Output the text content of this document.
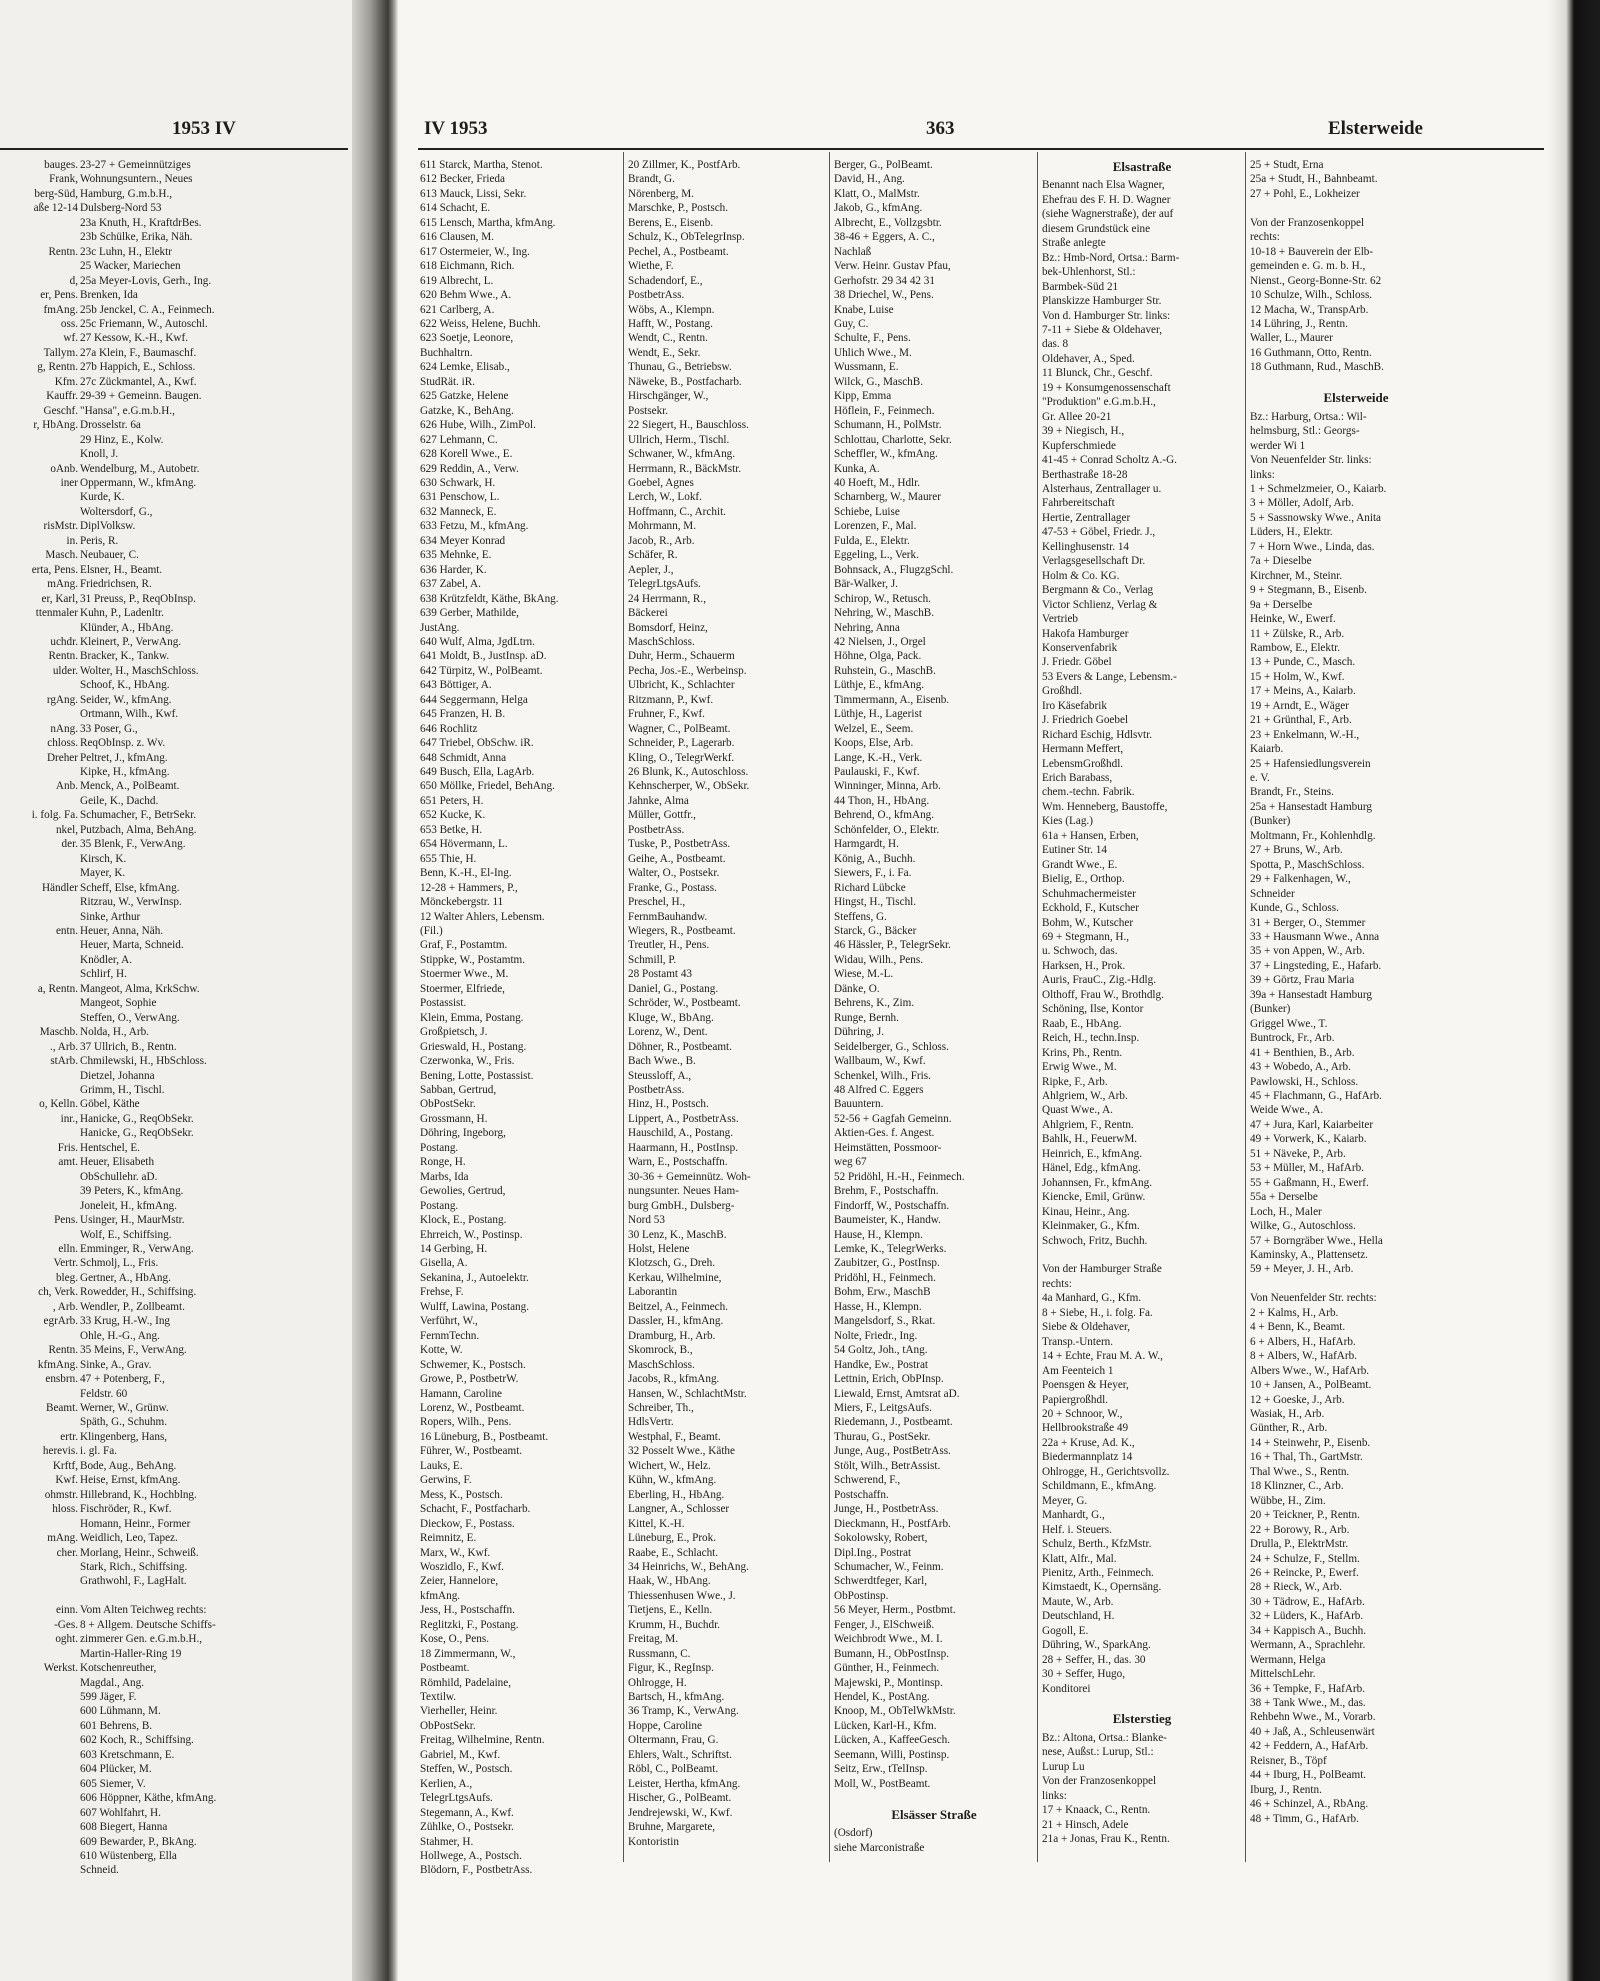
1953 IV
bauges.
Frank,
berg-Süd,
aße 12-14

Rentn.

d,
er, Pens.
fmAng.
oss.
wf.
Tallym.
g, Rentn.
Kfm.
Kauffr.
Geschf.
r, HbAng.

oAnb.
iner

risMstr.
in.
Masch.
erta, Pens.
mAng.
er, Karl,
ttenmaler

uchdr.
Rentn.
ulder.

rgAng.

nAng.
chloss.
Dreher

Anb.

i. folg. Fa.
nkel,
der.

Händler

entn.

a, Rentn.

Maschb.
., Arb.
stArb.

o, Kelln.
inr.,

Fris.
amt.

Pens.

elln.
Vertr.
bleg.
ch, Verk.
, Arb.
egrArb.

Rentn.
kfmAng.
ensbrn.

Beamt.

ertr.
herevis.
Krftf,
Kwf.
ohmstr.
hloss.

mAng.
cher.

einn.
-Ges.
oght.

Werkst.
23-27 + Gemeinnütziges
Wohnungsuntern., Neues
Hamburg, G.m.b.H.,
Dulsberg-Nord 53
23a Knuth, H., KraftdrBes.
23b Schülke, Erika, Näh.
23c Luhn, H., Elektr
25 Wacker, Mariechen
25a Meyer-Lovis, Gerh., Ing.
Brenken, Ida
25b Jenckel, C. A., Feinmech.
25c Friemann, W., Autoschl.
27 Kessow, K.-H., Kwf.
27a Klein, F., Baumaschf.
27b Happich, E., Schloss.
27c Zückmantel, A., Kwf.
29-39 + Gemeinn. Baugen.
"Hansa", e.G.m.b.H.,
Drosselstr. 6a
29 Hinz, E., Kolw.
Knoll, J.
Wendelburg, M., Autobetr.
Oppermann, W., kfmAng.
Kurde, K.
Woltersdorf, G.,
DiplVolksw.
Peris, R.
Neubauer, C.
Elsner, H., Beamt.
Friedrichsen, R.
31 Preuss, P., ReqObInsp.
Kuhn, P., Ladenltr.
Klünder, A., HbAng.
Kleinert, P., VerwAng.
Bracker, K., Tankw.
Wolter, H., MaschSchloss.
Schoof, K., HbAng.
Seider, W., kfmAng.
Ortmann, Wilh., Kwf.
33 Poser, G.,
ReqObInsp. z. Wv.
Peltret, J., kfmAng.
Kipke, H., kfmAng.
Menck, A., PolBeamt.
Geile, K., Dachd.
Schumacher, F., BetrSekr.
Putzbach, Alma, BehAng.
35 Blenk, F., VerwAng.
Kirsch, K.
Mayer, K.
Scheff, Else, kfmAng.
Ritzrau, W., VerwInsp.
Sinke, Arthur
Heuer, Anna, Näh.
Heuer, Marta, Schneid.
Knödler, A.
Schlirf, H.
Mangeot, Alma, KrkSchw.
Mangeot, Sophie
Steffen, O., VerwAng.
Nolda, H., Arb.
37 Ullrich, B., Rentn.
Chmilewski, H., HbSchloss.
Dietzel, Johanna
Grimm, H., Tischl.
Göbel, Käthe
Hanicke, G., ReqObSekr.
Hanicke, G., ReqObSekr.
Hentschel, E.
Heuer, Elisabeth
ObSchullehr. aD.
39 Peters, K., kfmAng.
Joneleit, H., kfmAng.
Usinger, H., MaurMstr.
Wolf, E., Schiffsing.
Emminger, R., VerwAng.
Schmolj, L., Fris.
Gertner, A., HbAng.
Rowedder, H., Schiffsing.
Wendler, P., Zollbeamt.
33 Krug, H.-W., Ing
Ohle, H.-G., Ang.
35 Meins, F., VerwAng.
Sinke, A., Grav.
47 + Potenberg, F.,
Feldstr. 60
Werner, W., Grünw.
Späth, G., Schuhm.
Klingenberg, Hans,
i. gl. Fa.
Bode, Aug., BehAng.
Heise, Ernst, kfmAng.
Hillebrand, K., Hochblng.
Fischröder, R., Kwf.
Homann, Heinr., Former
Weidlich, Leo, Tapez.
Morlang, Heinr., Schweiß.
Stark, Rich., Schiffsing.
Grathwohl, F., LagHalt.

Vom Alten Teichweg rechts:
8 + Allgem. Deutsche Schiffs-
zimmerer Gen. e.G.m.b.H.,
Martin-Haller-Ring 19
Kotschenreuther,
Magdal., Ang.
599 Jäger, F.
600 Lühmann, M.
601 Behrens, B.
602 Koch, R., Schiffsing.
603 Kretschmann, E.
604 Plücker, M.
605 Siemer, V.
606 Höppner, Käthe, kfmAng.
607 Wohlfahrt, H.
608 Biegert, Hanna
609 Bewarder, P., BkAng.
610 Wüstenberg, Ella
Schneid.
IV 1953	363	Elsterweide
611 Starck, Martha, Stenot.
612 Becker, Frieda
613 Mauck, Lissi, Sekr.
614 Schacht, E.
615 Lensch, Martha, kfmAng.
616 Clausen, M.
617 Ostermeier, W., Ing.
618 Eichmann, Rich.
619 Albrecht, L.
620 Behm Wwe., A.
621 Carlberg, A.
622 Weiss, Helene, Buchh.
623 Soetje, Leonore,
Buchhaltrn.
624 Lemke, Elisab.,
StudRät. iR.
625 Gatzke, Helene
Gatzke, K., BehAng.
626 Hube, Wilh., ZimPol.
627 Lehmann, C.
628 Korell Wwe., E.
629 Reddin, A., Verw.
630 Schwark, H.
631 Penschow, L.
632 Manneck, E.
633 Fetzu, M., kfmAng.
634 Meyer Konrad
635 Mehnke, E.
636 Harder, K.
637 Zabel, A.
638 Krützfeldt, Käthe, BkAng.
639 Gerber, Mathilde,
JustAng.
640 Wulf, Alma, JgdLtrn.
641 Moldt, B., JustInsp. aD.
642 Türpitz, W., PolBeamt.
643 Böttiger, A.
644 Seggermann, Helga
645 Franzen, H. B.
646 Rochlitz
647 Triebel, ObSchw. iR.
648 Schmidt, Anna
649 Busch, Ella, LagArb.
650 Möllke, Friedel, BehAng.
651 Peters, H.
652 Kucke, K.
653 Betke, H.
654 Hövermann, L.
655 Thie, H.
Benn, K.-H., El-Ing.
12-28 + Hammers, P.,
Mönckebergstr. 11
12 Walter Ahlers, Lebensm.
(Fil.)
Graf, F., Postamtm.
Stippke, W., Postamtm.
Stoermer Wwe., M.
Stoermer, Elfriede,
Postassist.
Klein, Emma, Postang.
Großpietsch, J.
Grieswald, H., Postang.
Czerwonka, W., Fris.
Bening, Lotte, Postassist.
Sabban, Gertrud,
ObPostSekr.
Grossmann, H.
Döhring, Ingeborg,
Postang.
Ronge, H.
Marbs, Ida
Gewolies, Gertrud,
Postang.
Klock, E., Postang.
Ehrreich, W., Postinsp.
14 Gerbing, H.
Gisella, A.
Sekanina, J., Autoelektr.
Frehse, F.
Wulff, Lawina, Postang.
Verführt, W.,
FernmTechn.
Kotte, W.
Schwemer, K., Postsch.
Growe, P., PostbetrW.
Hamann, Caroline
Lorenz, W., Postbeamt.
Ropers, Wilh., Pens.
16 Lüneburg, B., Postbeamt.
Führer, W., Postbeamt.
Lauks, E.
Gerwins, F.
Mess, K., Postsch.
Schacht, F., Postfacharb.
Dieckow, F., Postass.
Reimnitz, E.
Marx, W., Kwf.
Woszidlo, F., Kwf.
Zeier, Hannelore,
kfmAng.
Jess, H., Postschaffn.
Reglitzki, F., Postang.
Kose, O., Pens.
18 Zimmermann, W.,
Postbeamt.
Römhild, Padelaine,
Textilw.
Vierheller, Heinr.
ObPostSekr.
Freitag, Wilhelmine, Rentn.
Gabriel, M., Kwf.
Steffen, W., Postsch.
Kerlien, A.,
TelegrLtgsAufs.
Stegemann, A., Kwf.
Zühlke, O., Postsekr.
Stahmer, H.
Hollwege, A., Postsch.
Blödorn, F., PostbetrAss.
20 Zillmer, K., PostfArb.
Brandt, G.
Nörenberg, M.
Marschke, P., Postsch.
Berens, E., Eisenb.
Schulz, K., ObTelegrInsp.
Pechel, A., Postbeamt.
Wiethe, F.
Schadendorf, E.,
PostbetrAss.
Wöbs, A., Klempn.
Hafft, W., Postang.
Wendt, C., Rentn.
Wendt, E., Sekr.
Thunau, G., Betriebsw.
Näweke, B., Postfacharb.
Hirschgänger, W.,
Postsekr.
22 Siegert, H., Bauschloss.
Ullrich, Herm., Tischl.
Schwaner, W., kfmAng.
Herrmann, R., BäckMstr.
Goebel, Agnes
Lerch, W., Lokf.
Hoffmann, C., Archit.
Mohrmann, M.
Jacob, R., Arb.
Schäfer, R.
Aepler, J.,
TelegrLtgsAufs.
24 Herrmann, R.,
Bäckerei
Bomsdorf, Heinz,
MaschSchloss.
Duhr, Herm., Schauerm
Pecha, Jos.-E., Werbeinsp.
Ulbricht, K., Schlachter
Ritzmann, P., Kwf.
Fruhner, F., Kwf.
Wagner, C., PolBeamt.
Schneider, P., Lagerarb.
Kling, O., TelegrWerkf.
26 Blunk, K., Autoschloss.
Kehnscherper, W., ObSekr.
Jahnke, Alma
Müller, Gottfr.,
PostbetrAss.
Tuske, P., PostbetrAss.
Geihe, A., Postbeamt.
Walter, O., Postsekr.
Franke, G., Postass.
Preschel, H.,
FernmBauhandw.
Wiegers, R., Postbeamt.
Treutler, H., Pens.
Schmill, P.
28 Postamt 43
Daniel, G., Postang.
Schröder, W., Postbeamt.
Kluge, W., BbAng.
Lorenz, W., Dent.
Döhner, R., Postbeamt.
Bach Wwe., B.
Steussloff, A.,
PostbetrAss.
Hinz, H., Postsch.
Lippert, A., PostbetrAss.
Hauschild, A., Postang.
Haarmann, H., PostInsp.
Warn, E., Postschaffn.
30-36 + Gemeinnütz. Woh-
nungsunter. Neues Ham-
burg GmbH., Dulsberg-
Nord 53
30 Lenz, K., MaschB.
Holst, Helene
Klotzsch, G., Dreh.
Kerkau, Wilhelmine,
Laborantin
Beitzel, A., Feinmech.
Dassler, H., kfmAng.
Dramburg, H., Arb.
Skomrock, B.,
MaschSchloss.
Jacobs, R., kfmAng.
Hansen, W., SchlachtMstr.
Schreiber, Th.,
HdlsVertr.
Westphal, F., Beamt.
32 Posselt Wwe., Käthe
Wichert, W., Helz.
Kühn, W., kfmAng.
Eberling, H., HbAng.
Langner, A., Schlosser
Kittel, K.-H.
Lüneburg, E., Prok.
Raabe, E., Schlacht.
34 Heinrichs, W., BehAng.
Haak, W., HbAng.
Thiessenhusen Wwe., J.
Tietjens, E., Kelln.
Krumm, H., Buchdr.
Freitag, M.
Russmann, C.
Figur, K., RegInsp.
Ohlrogge, H.
Bartsch, H., kfmAng.
36 Tramp, K., VerwAng.
Hoppe, Caroline
Oltermann, Frau, G.
Ehlers, Walt., Schriftst.
Röbl, C., PolBeamt.
Leister, Hertha, kfmAng.
Hischer, G., PolBeamt.
Jendrejewski, W., Kwf.
Bruhne, Margarete,
Kontoristin
Berger, G., PolBeamt.
David, H., Ang.
Klatt, O., MalMstr.
Jakob, G., kfmAng.
Albrecht, E., Vollzgsbtr.
38-46 + Eggers, A. C.,
Nachlaß
Verw. Heinr. Gustav Pfau,
Gerhofstr. 29 34 42 31
38 Driechel, W., Pens.
Knabe, Luise
Guy, C.
Schulte, F., Pens.
Uhlich Wwe., M.
Wussmann, E.
Wilck, G., MaschB.
Kipp, Emma
Höflein, F., Feinmech.
Schumann, H., PolMstr.
Schlottau, Charlotte, Sekr.
Scheffler, W., kfmAng.
Kunka, A.
40 Hoeft, M., Hdlr.
Scharnberg, W., Maurer
Schiebe, Luise
Lorenzen, F., Mal.
Fulda, E., Elektr.
Eggeling, L., Verk.
Bohnsack, A., FlugzgSchl.
Bär-Walker, J.
Schirop, W., Retusch.
Nehring, W., MaschB.
Nehring, Anna
42 Nielsen, J., Orgel
Höhne, Olga, Pack.
Ruhstein, G., MaschB.
Lüthje, E., kfmAng.
Timmermann, A., Eisenb.
Lüthje, H., Lagerist
Welzel, E., Seem.
Koops, Else, Arb.
Lange, K.-H., Verk.
Paulauski, F., Kwf.
Winninger, Minna, Arb.
44 Thon, H., HbAng.
Behrend, O., kfmAng.
Schönfelder, O., Elektr.
Harmgardt, H.
König, A., Buchh.
Siewers, F., i. Fa.
Richard Lübcke
Hingst, H., Tischl.
Steffens, G.
Starck, G., Bäcker
46 Hässler, P., TelegrSekr.
Widau, Wilh., Pens.
Wiese, M.-L.
Dänke, O.
Behrens, K., Zim.
Runge, Bernh.
Dühring, J.
Seidelberger, G., Schloss.
Wallbaum, W., Kwf.
Schenkel, Wilh., Fris.
48 Alfred C. Eggers
Bauuntern.
52-56 + Gagfah Gemeinn.
Aktien-Ges. f. Angest.
Heimstätten, Possmoor-
weg 67
52 Pridöhl, H.-H., Feinmech.
Brehm, F., Postschaffn.
Findorff, W., Postschaffn.
Baumeister, K., Handw.
Hause, H., Klempn.
Lemke, K., TelegrWerks.
Zaubitzer, G., PostInsp.
Pridöhl, H., Feinmech.
Bohm, Erw., MaschB
Hasse, H., Klempn.
Mangelsdorf, S., Rkat.
Nolte, Friedr., Ing.
54 Goltz, Joh., tAng.
Handke, Ew., Postrat
Lettnin, Erich, ObPInsp.
Liewald, Ernst, Amtsrat aD.
Miers, F., LeitgsAufs.
Riedemann, J., Postbeamt.
Thurau, G., PostSekr.
Junge, Aug., PostBetrAss.
Stölt, Wilh., BetrAssist.
Schwerend, F.,
Postschaffn.
Junge, H., PostbetrAss.
Dieckmann, H., PostfArb.
Sokolowsky, Robert,
Dipl.Ing., Postrat
Schumacher, W., Feinm.
Schwerdtfeger, Karl,
ObPostinsp.
56 Meyer, Herm., Postbmt.
Fenger, J., ElSchweiß.
Weichbrodt Wwe., M. I.
Bumann, H., ObPostInsp.
Günther, H., Feinmech.
Majewski, P., Montinsp.
Hendel, K., PostAng.
Knoop, M., ObTelWkMstr.
Lücken, Karl-H., Kfm.
Lücken, A., KaffeeGesch.
Seemann, Willi, Postinsp.
Seitz, Erw., tTelInsp.
Moll, W., PostBeamt.

Elsässer Straße
(Osdorf)
siehe Marconistraße
Elsastraße
Benannt nach Elsa Wagner,
Ehefrau des F. H. D. Wagner
(siehe Wagnerstraße), der auf
diesem Grundstück eine
Straße anlegte
Bz.: Hmb-Nord, Ortsa.: Barm-
bek-Uhlenhorst, Stl.:
Barmbek-Süd 21
Planskizze Hamburger Str.
Von d. Hamburger Str. links:
7-11 + Siebe & Oldehaver,
das. 8
Oldehaver, A., Sped.
11 Blunck, Chr., Geschf.
19 + Konsumgenossenschaft
"Produktion" e.G.m.b.H.,
Gr. Allee 20-21
39 + Niegisch, H.,
Kupferschmiede
41-45 + Conrad Scholtz A.-G.
Berthastraße 18-28
Alsterhaus, Zentrallager u.
Fahrbereitschaft
Hertie, Zentrallager
47-53 + Göbel, Friedr. J.,
Kellinghusenstr. 14
Verlagsgesellschaft Dr.
Holm & Co. KG.
Bergmann & Co., Verlag
Victor Schlienz, Verlag &
Vertrieb
Hakofa Hamburger
Konservenfabrik
J. Friedr. Göbel
53 Evers & Lange, Lebensm.-
Großhdl.
Iro Käsefabrik
J. Friedrich Goebel
Richard Eschig, Hdlsvtr.
Hermann Meffert,
LebensmGroßhdl.
Erich Barabass,
chem.-techn. Fabrik.
Wm. Henneberg, Baustoffe,
Kies (Lag.)
61a + Hansen, Erben,
Eutiner Str. 14
Grandt Wwe., E.
Bielig, E., Orthop.
Schuhmachermeister
Eckhold, F., Kutscher
Bohm, W., Kutscher
69 + Stegmann, H.,
u. Schwoch, das.
Harksen, H., Prok.
Auris, FrauC., Zig.-Hdlg.
Olthoff, Frau W., Brothdlg.
Schöning, Ilse, Kontor
Raab, E., HbAng.
Reich, H., techn.Insp.
Krins, Ph., Rentn.
Erwig Wwe., M.
Ripke, F., Arb.
Ahlgriem, W., Arb.
Quast Wwe., A.
Ahlgriem, F., Rentn.
Bahlk, H., FeuerwM.
Heinrich, E., kfmAng.
Hänel, Edg., kfmAng.
Johannsen, Fr., kfmAng.
Kiencke, Emil, Grünw.
Kinau, Heinr., Ang.
Kleinmaker, G., Kfm.
Schwoch, Fritz, Buchh.

Von der Hamburger Straße
rechts:
4a Manhard, G., Kfm.
8 + Siebe, H., i. folg. Fa.
Siebe & Oldehaver,
Transp.-Untern.
14 + Echte, Frau M. A. W.,
Am Feenteich 1
Poensgen & Heyer,
Papiergroßhdl.
20 + Schnoor, W.,
Hellbrookstraße 49
22a + Kruse, Ad. K.,
Biedermannplatz 14
Ohlrogge, H., Gerichtsvollz.
Schildmann, E., kfmAng.
Meyer, G.
Manhardt, G.,
Helf. i. Steuers.
Schulz, Berth., KfzMstr.
Klatt, Alfr., Mal.
Pienitz, Arth., Feinmech.
Kimstaedt, K., Opernsäng.
Maute, W., Arb.
Deutschland, H.
Gogoll, E.
Dühring, W., SparkAng.
28 + Seffer, H., das. 30
30 + Seffer, Hugo,
Konditorei

Elsterstieg
Bz.: Altona, Ortsa.: Blanke-
nese, Außst.: Lurup, Stl.:
Lurup Lu
Von der Franzosenkoppel
links:
17 + Knaack, C., Rentn.
21 + Hinsch, Adele
21a + Jonas, Frau K., Rentn.
25 + Studt, Erna
25a + Studt, H., Bahnbeamt.
27 + Pohl, E., Lokheizer

Von der Franzosenkoppel
rechts:
10-18 + Bauverein der Elb-
gemeinden e. G. m. b. H.,
Nienst., Georg-Bonne-Str. 62
10 Schulze, Wilh., Schloss.
12 Macha, W., TranspArb.
14 Lühring, J., Rentn.
Waller, L., Maurer
16 Guthmann, Otto, Rentn.
18 Guthmann, Rud., MaschB.

Elsterweide
Bz.: Harburg, Ortsa.: Wil-
helmsburg, Stl.: Georgs-
werder Wi 1
Von Neuenfelder Str. links:
links:
1 + Schmelzmeier, O., Kaiarb.
3 + Möller, Adolf, Arb.
5 + Sassnowsky Wwe., Anita
Lüders, H., Elektr.
7 + Horn Wwe., Linda, das.
7a + Dieselbe
Kirchner, M., Steinr.
9 + Stegmann, B., Eisenb.
9a + Derselbe
Heinke, W., Ewerf.
11 + Zülske, R., Arb.
Rambow, E., Elektr.
13 + Punde, C., Masch.
15 + Holm, W., Kwf.
17 + Meins, A., Kaiarb.
19 + Arndt, E., Wäger
21 + Grünthal, F., Arb.
23 + Enkelmann, W.-H.,
Kaiarb.
25 + Hafensiedlungsverein
e. V.
Brandt, Fr., Steins.
25a + Hansestadt Hamburg
(Bunker)
Moltmann, Fr., Kohlenhdlg.
27 + Bruns, W., Arb.
Spotta, P., MaschSchloss.
29 + Falkenhagen, W.,
Schneider
Kunde, G., Schloss.
31 + Berger, O., Stemmer
33 + Hausmann Wwe., Anna
35 + von Appen, W., Arb.
37 + Lingsteding, E., Hafarb.
39 + Görtz, Frau Maria
39a + Hansestadt Hamburg
(Bunker)
Griggel Wwe., T.
Buntrock, Fr., Arb.
41 + Benthien, B., Arb.
43 + Wobedo, A., Arb.
Pawlowski, H., Schloss.
45 + Flachmann, G., HafArb.
Weide Wwe., A.
47 + Jura, Karl, Kaiarbeiter
49 + Vorwerk, K., Kaiarb.
51 + Näveke, P., Arb.
53 + Müller, M., HafArb.
55 + Gaßmann, H., Ewerf.
55a + Derselbe
Loch, H., Maler
Wilke, G., Autoschloss.
57 + Borngräber Wwe., Hella
Kaminsky, A., Plattensetz.
59 + Meyer, J. H., Arb.

Von Neuenfelder Str. rechts:
2 + Kalms, H., Arb.
4 + Benn, K., Beamt.
6 + Albers, H., HafArb.
8 + Albers, W., HafArb.
Albers Wwe., W., HafArb.
10 + Jansen, A., PolBeamt.
12 + Goeske, J., Arb.
Wasiak, H., Arb.
Günther, R., Arb.
14 + Steinwehr, P., Eisenb.
16 + Thal, Th., GartMstr.
Thal Wwe., S., Rentn.
18 Klinzner, C., Arb.
Wübbe, H., Zim.
20 + Teickner, P., Rentn.
22 + Borowy, R., Arb.
Drulla, P., ElektrMstr.
24 + Schulze, F., Stellm.
26 + Reincke, P., Ewerf.
28 + Rieck, W., Arb.
30 + Tädrow, E., HafArb.
32 + Lüders, K., HafArb.
34 + Kappisch A., Buchh.
Wermann, A., Sprachlehr.
Wermann, Helga
MittelschLehr.
36 + Tempke, F., HafArb.
38 + Tank Wwe., M., das.
Rehbehn Wwe., M., Vorarb.
40 + Jaß, A., Schleusenwärt
42 + Feddern, A., HafArb.
Reisner, B., Töpf
44 + Iburg, H., PolBeamt.
Iburg, J., Rentn.
46 + Schinzel, A., RbAng.
48 + Timm, G., HafArb.
